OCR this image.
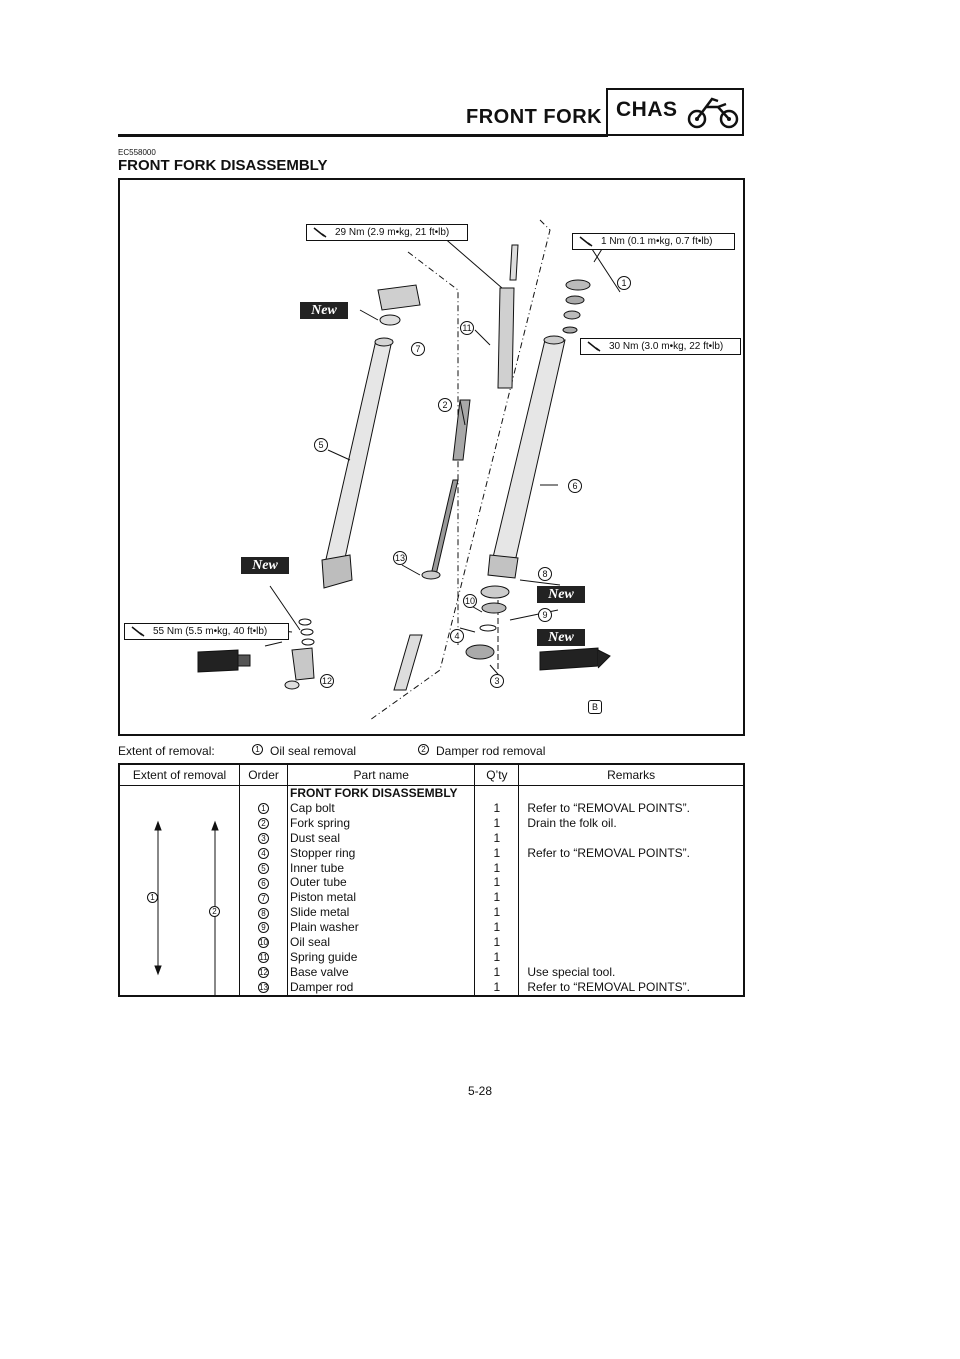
FRONT FORK CHAS
EC558000
FRONT FORK DISASSEMBLY
29 Nm (2.9 m•kg, 21 ft•lb)
1 Nm (0.1 m•kg, 0.7 ft•lb)
30 Nm (3.0 m•kg, 22 ft•lb)
55 Nm (5.5 m•kg, 40 ft•lb)
New
New
New
New
B
1
2
3
4
5
6
7
8
9
10
11
12
13
Extent of removal:	1 Oil seal removal	2 Damper rod removal
Extent of removal	Order	Part name	Q’ty	Remarks

1
2		FRONT FORK DISASSEMBLY		
	1	Cap bolt	1	Refer to “REMOVAL POINTS”.
	2	Fork spring	1	Drain the folk oil.
	3	Dust seal	1	
	4	Stopper ring	1	Refer to “REMOVAL POINTS”.
	5	Inner tube	1	
	6	Outer tube	1	
	7	Piston metal	1	
	8	Slide metal	1	
	9	Plain washer	1	
	10	Oil seal	1	
	11	Spring guide	1	
	12	Base valve	1	Use special tool.
	13	Damper rod	1	Refer to “REMOVAL POINTS”.
5-28
